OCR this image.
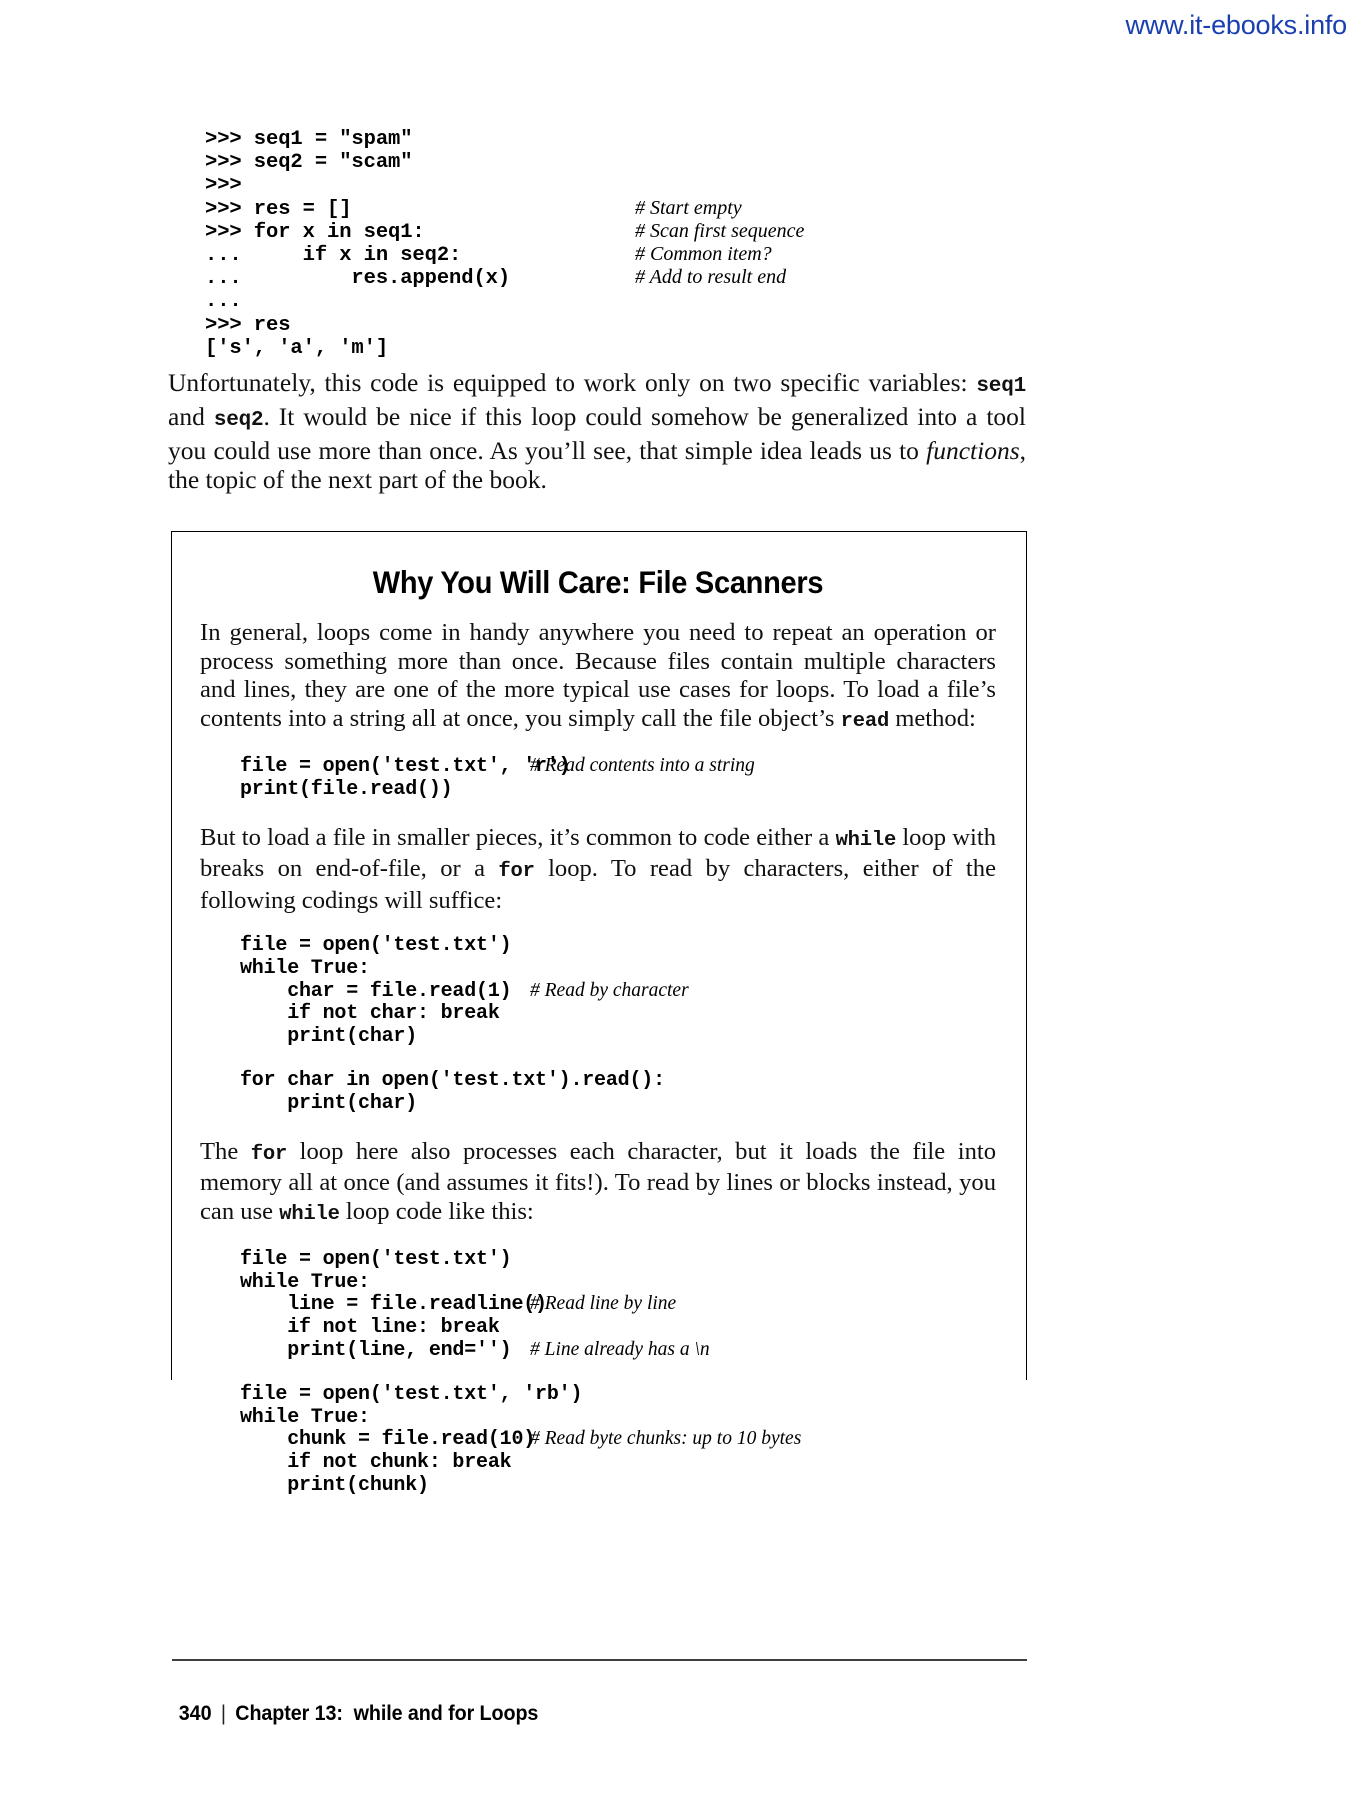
www.it-ebooks.info
>>> seq1 = "spam"
>>> seq2 = "scam"
>>>
>>> res = []	# Start empty
>>> for x in seq1:	# Scan first sequence
...     if x in seq2:	# Common item?
...         res.append(x)	# Add to result end
...
>>> res
['s', 'a', 'm']
Unfortunately, this code is equipped to work only on two specific variables: seq1 and seq2. It would be nice if this loop could somehow be generalized into a tool you could use more than once. As you’ll see, that simple idea leads us to functions, the topic of the next part of the book.
Why You Will Care: File Scanners
In general, loops come in handy anywhere you need to repeat an operation or process something more than once. Because files contain multiple characters and lines, they are one of the more typical use cases for loops. To load a file’s contents into a string all at once, you simply call the file object’s read method:
file = open('test.txt', 'r')
# Read contents into a string
print(file.read())
But to load a file in smaller pieces, it’s common to code either a while loop with breaks on end-of-file, or a for loop. To read by characters, either of the following codings will suffice:
file = open('test.txt')
while True:
char = file.read(1) # Read by character
if not char: break
print(char)
for char in open('test.txt').read():
print(char)
The for loop here also processes each character, but it loads the file into memory all at once (and assumes it fits!). To read by lines or blocks instead, you can use while loop code like this:
file = open('test.txt')
while True:
line = file.readline()
# Read line by line
if not line: break
print(line, end='') # Line already has a \n
file = open('test.txt', 'rb')
while True:
chunk = file.read(10)
# Read byte chunks: up to 10 bytes
if not chunk: break
print(chunk)

340 | Chapter 13:  while and for Loops
